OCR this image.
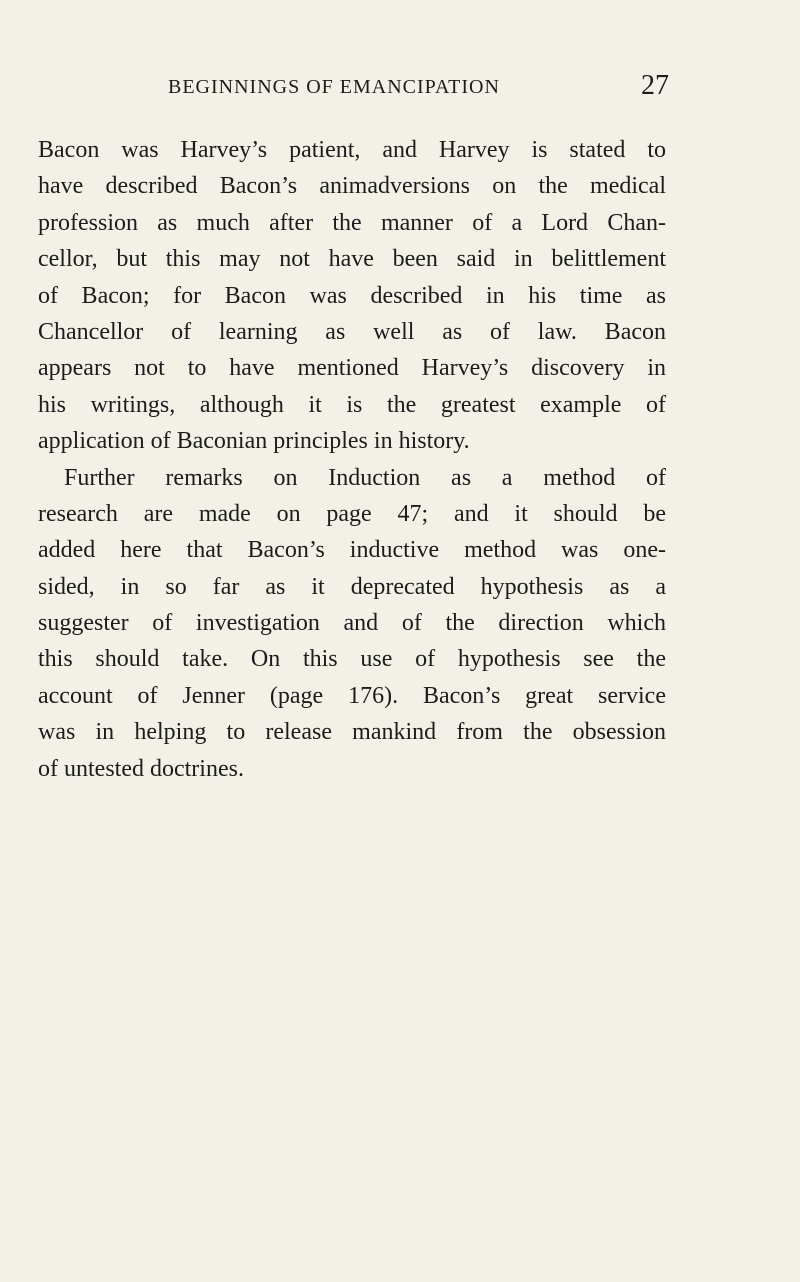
BEGINNINGS OF EMANCIPATION	27
Bacon was Harvey’s patient, and Harvey is stated to
have described Bacon’s animadversions on the medical
profession as much after the manner of a Lord Chan-
cellor, but this may not have been said in belittlement
of Bacon; for Bacon was described in his time as
Chancellor of learning as well as of law. Bacon
appears not to have mentioned Harvey’s discovery in
his writings, although it is the greatest example of
application of Baconian principles in history.
Further remarks on Induction as a method of
research are made on page 47; and it should be
added here that Bacon’s inductive method was one-
sided, in so far as it deprecated hypothesis as a
suggester of investigation and of the direction which
this should take. On this use of hypothesis see the
account of Jenner (page 176). Bacon’s great service
was in helping to release mankind from the obsession
of untested doctrines.
